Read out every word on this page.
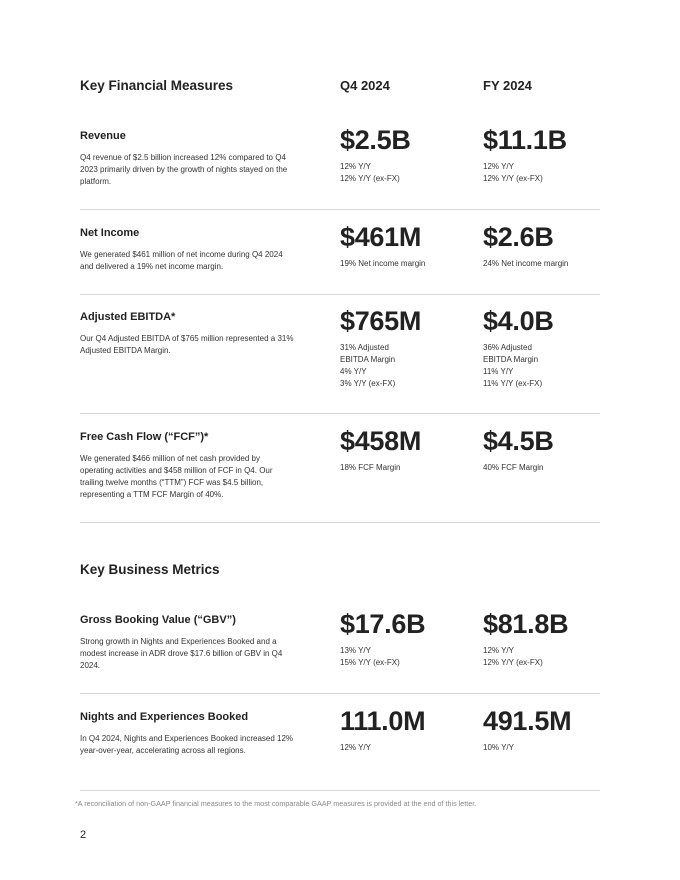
Key Financial Measures	Q4 2024	FY 2024
Revenue
Q4 revenue of $2.5 billion increased 12% compared to Q4 2023 primarily driven by the growth of nights stayed on the platform.
$2.5B
12% Y/Y
12% Y/Y (ex-FX)
$11.1B
12% Y/Y
12% Y/Y (ex-FX)
Net Income
We generated $461 million of net income during Q4 2024 and delivered a 19% net income margin.
$461M
19% Net income margin
$2.6B
24% Net income margin
Adjusted EBITDA*
Our Q4 Adjusted EBITDA of $765 million represented a 31% Adjusted EBITDA Margin.
$765M
31% Adjusted
EBITDA Margin
4% Y/Y
3% Y/Y (ex-FX)
$4.0B
36% Adjusted
EBITDA Margin
11% Y/Y
11% Y/Y (ex-FX)
Free Cash Flow (“FCF”)*
We generated $466 million of net cash provided by operating activities and $458 million of FCF in Q4. Our trailing twelve months (“TTM”) FCF was $4.5 billion, representing a TTM FCF Margin of 40%.
$458M
18% FCF Margin
$4.5B
40% FCF Margin
Key Business Metrics
Gross Booking Value (“GBV”)
Strong growth in Nights and Experiences Booked and a modest increase in ADR drove $17.6 billion of GBV in Q4 2024.
$17.6B
13% Y/Y
15% Y/Y (ex-FX)
$81.8B
12% Y/Y
12% Y/Y (ex-FX)
Nights and Experiences Booked
In Q4 2024, Nights and Experiences Booked increased 12% year-over-year, accelerating across all regions.
111.0M
12% Y/Y
491.5M
10% Y/Y
*A reconciliation of non-GAAP financial measures to the most comparable GAAP measures is provided at the end of this letter.
2
